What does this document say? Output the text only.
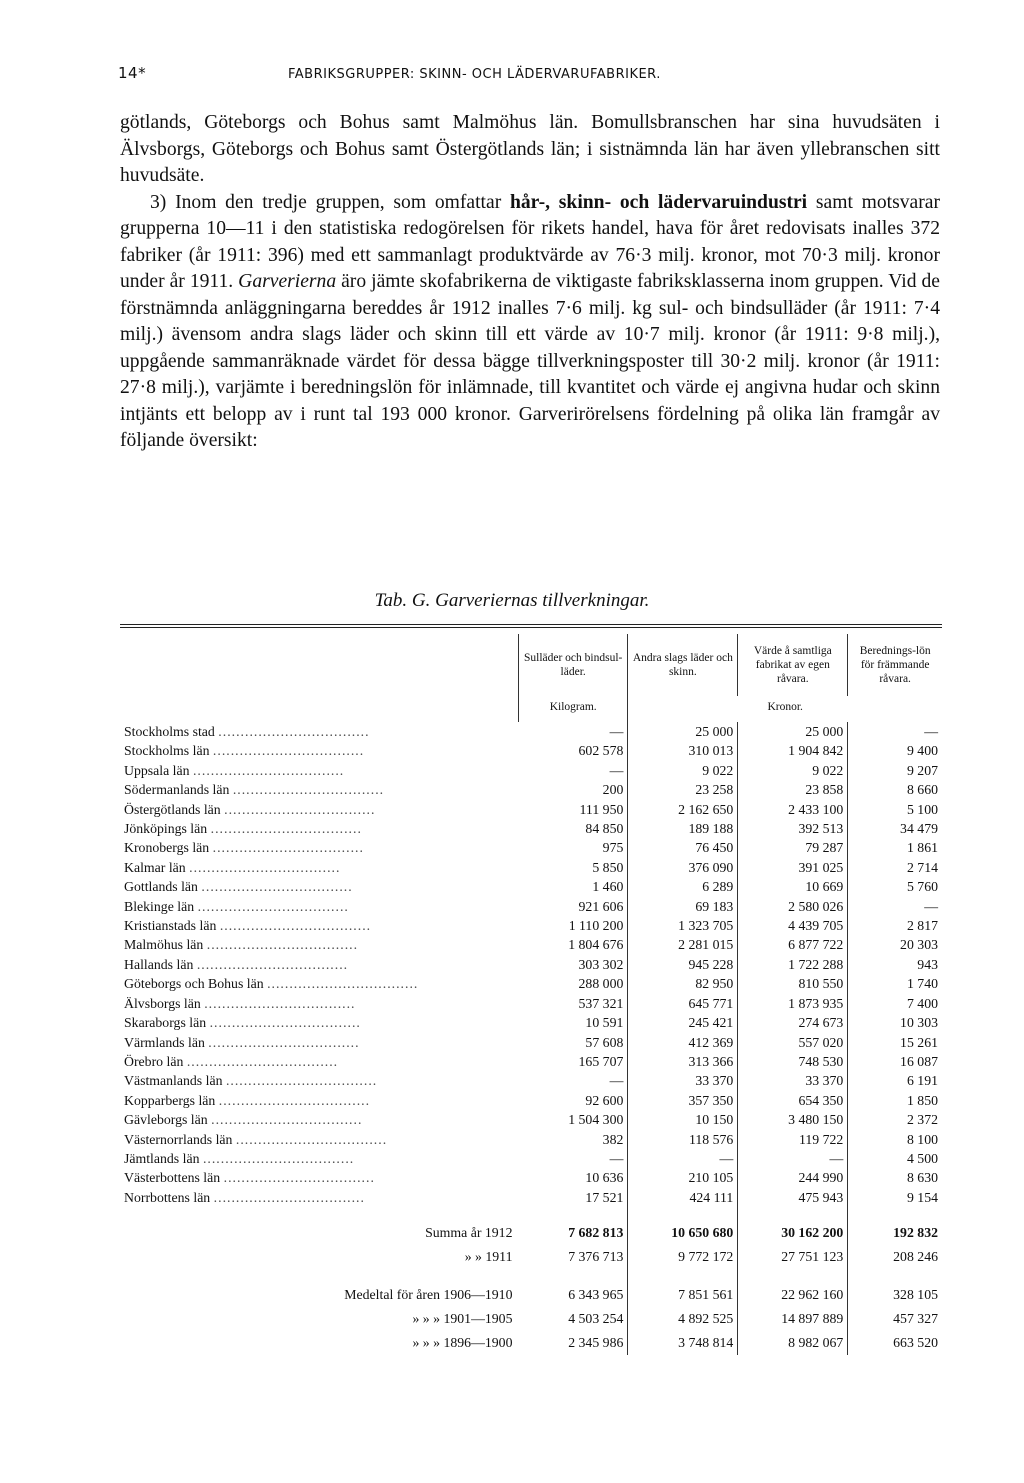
14*	FABRIKSGRUPPER: SKINN- OCH LÄDERVARUFABRIKER.

götlands, Göteborgs och Bohus samt Malmöhus län. Bomullsbranschen har sina huvudsäten i Älvsborgs, Göteborgs och Bohus samt Östergötlands län; i sistnämnda län har även yllebranschen sitt huvudsäte.

3) Inom den tredje gruppen, som omfattar hår-, skinn- och lädervaruindustri samt motsvarar grupperna 10—11 i den statistiska redogörelsen för rikets handel, hava för året redovisats inalles 372 fabriker (år 1911: 396) med ett sammanlagt produktvärde av 76·3 milj. kronor, mot 70·3 milj. kronor under år 1911. Garverierna äro jämte skofabrikerna de viktigaste fabriksklasserna inom gruppen. Vid de förstnämnda anläggningarna bereddes år 1912 inalles 7·6 milj. kg sul- och bindsulläder (år 1911: 7·4 milj.) ävensom andra slags läder och skinn till ett värde av 10·7 milj. kronor (år 1911: 9·8 milj.), uppgående sammanräknade värdet för dessa bägge tillverkningsposter till 30·2 milj. kronor (år 1911: 27·8 milj.), varjämte i beredningslön för inlämnade, till kvantitet och värde ej angivna hudar och skinn intjänts ett belopp av i runt tal 193 000 kronor. Garverirörelsens fördelning på olika län framgår av följande översikt:

Tab. G. Garveriernas tillverkningar.
	Sulläder och bindsul-läder.	Andra slags läder och skinn.	Värde å samtliga fabrikat av egen råvara.	Berednings-lön för främmande råvara.
	Kilogram.	Kronor.		
Stockholms stad ..................................	—	25 000	25 000	—
Stockholms län ..................................	602 578	310 013	1 904 842	9 400
Uppsala län ..................................	—	9 022	9 022	9 207
Södermanlands län ..................................	200	23 258	23 858	8 660
Östergötlands län ..................................	111 950	2 162 650	2 433 100	5 100
Jönköpings län ..................................	84 850	189 188	392 513	34 479
Kronobergs län ..................................	975	76 450	79 287	1 861
Kalmar län ..................................	5 850	376 090	391 025	2 714
Gottlands län ..................................	1 460	6 289	10 669	5 760
Blekinge län ..................................	921 606	69 183	2 580 026	—
Kristianstads län ..................................	1 110 200	1 323 705	4 439 705	2 817
Malmöhus län ..................................	1 804 676	2 281 015	6 877 722	20 303
Hallands län ..................................	303 302	945 228	1 722 288	943
Göteborgs och Bohus län ..................................	288 000	82 950	810 550	1 740
Älvsborgs län ..................................	537 321	645 771	1 873 935	7 400
Skaraborgs län ..................................	10 591	245 421	274 673	10 303
Värmlands län ..................................	57 608	412 369	557 020	15 261
Örebro län ..................................	165 707	313 366	748 530	16 087
Västmanlands län ..................................	—	33 370	33 370	6 191
Kopparbergs län ..................................	92 600	357 350	654 350	1 850
Gävleborgs län ..................................	1 504 300	10 150	3 480 150	2 372
Västernorrlands län ..................................	382	118 576	119 722	8 100
Jämtlands län ..................................	—	—	—	4 500
Västerbottens län ..................................	10 636	210 105	244 990	8 630
Norrbottens län ..................................	17 521	424 111	475 943	9 154

Summa år 1912	7 682 813	10 650 680	30 162 200	192 832
» » 1911	7 376 713	9 772 172	27 751 123	208 246

Medeltal för åren 1906—1910	6 343 965	7 851 561	22 962 160	328 105
» » » 1901—1905	4 503 254	4 892 525	14 897 889	457 327
» » » 1896—1900	2 345 986	3 748 814	8 982 067	663 520
